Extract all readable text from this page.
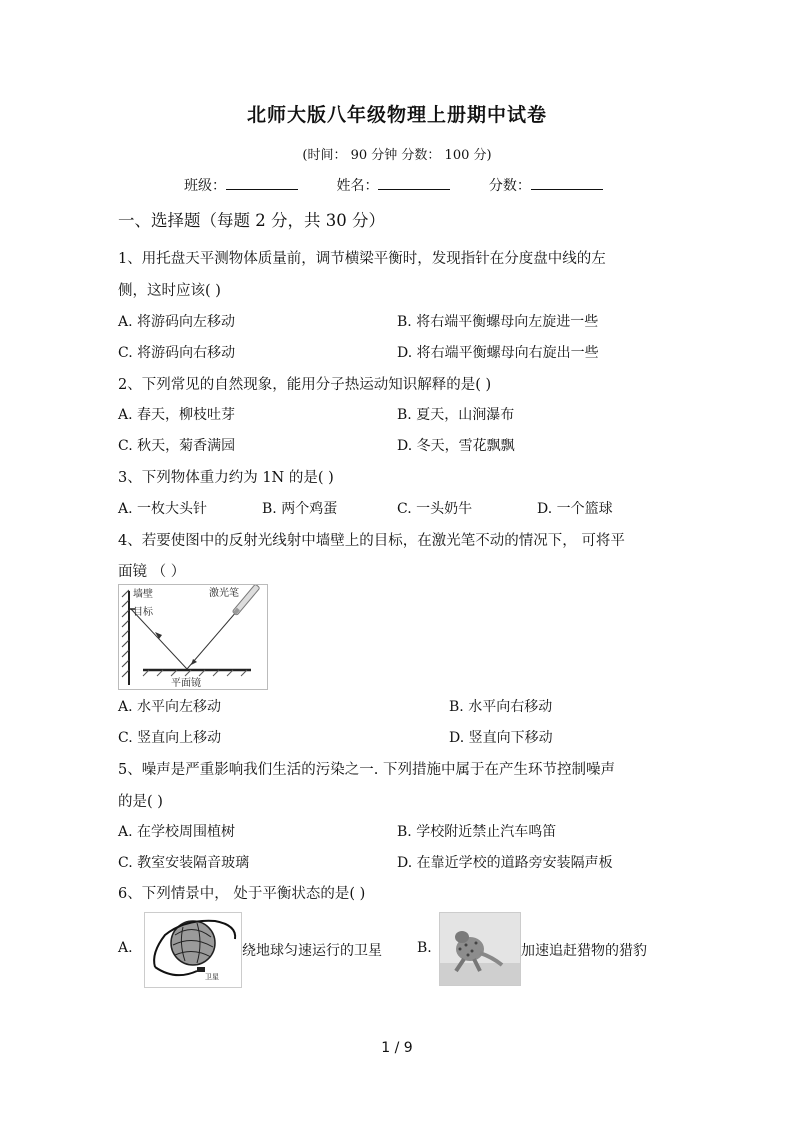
北师大版八年级物理上册期中试卷
(时间： 90 分钟 分数： 100 分)
班级：	姓名：	分数：
一、选择题（每题 2 分，共 30 分）
1、用托盘天平测物体质量前，调节横梁平衡时，发现指针在分度盘中线的左
侧，这时应该( )
A. 将游码向左移动	B. 将右端平衡螺母向左旋进一些
C. 将游码向右移动	D. 将右端平衡螺母向右旋出一些
2、下列常见的自然现象，能用分子热运动知识解释的是( )
A. 春天，柳枝吐芽	B. 夏天，山涧瀑布
C. 秋天，菊香满园	D. 冬天，雪花飘飘
3、下列物体重力约为 1N 的是( )
A. 一枚大头针	B. 两个鸡蛋	C. 一头奶牛	D. 一个篮球
4、若要使图中的反射光线射中墙壁上的目标，在激光笔不动的情况下， 可将平
面镜 （ ）
墙壁
目标
激光笔
平面镜
A. 水平向左移动	B. 水平向右移动
C. 竖直向上移动	D. 竖直向下移动
5、噪声是严重影响我们生活的污染之一. 下列措施中属于在产生环节控制噪声
的是( )
A. 在学校周围植树	B. 学校附近禁止汽车鸣笛
C. 教室安装隔音玻璃	D. 在靠近学校的道路旁安装隔声板
6、下列情景中， 处于平衡状态的是( )
A.
卫星
绕地球匀速运行的卫星	B.	加速追赶猎物的猎豹
1 / 9
